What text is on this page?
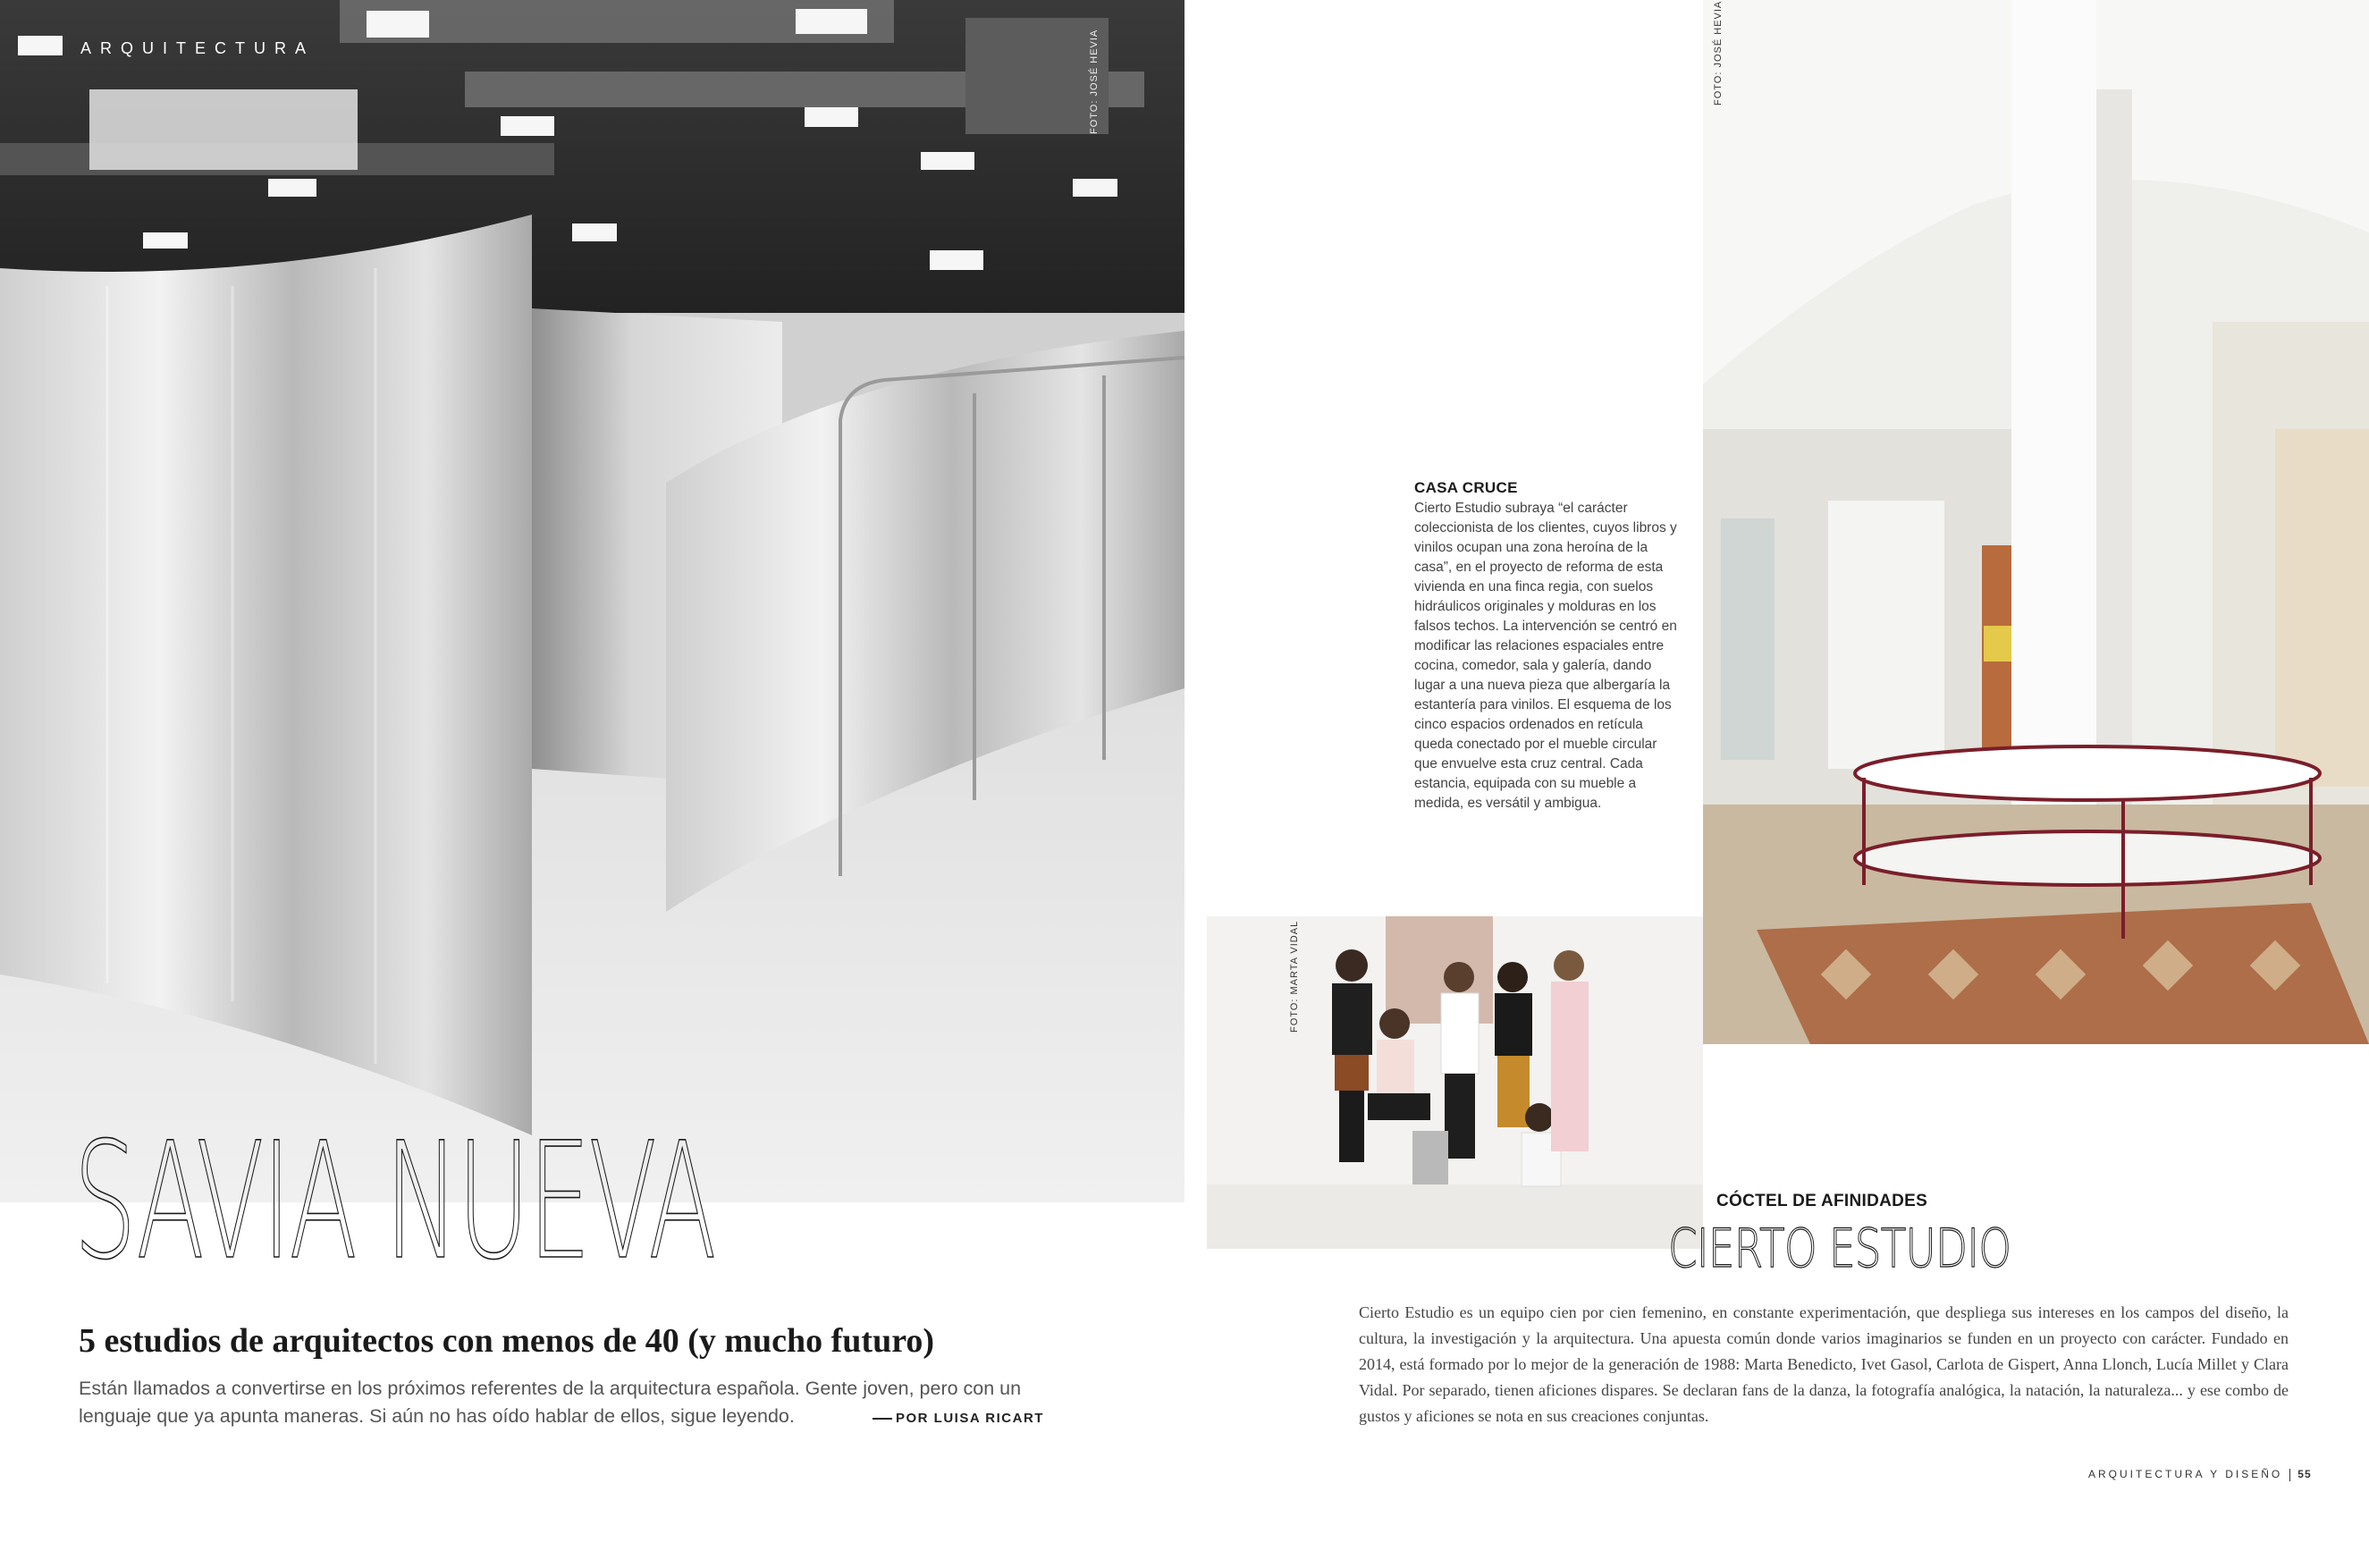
ARQUITECTURA	FOTO: JOSÉ HEVIA	FOTO: JOSÉ HEVIA
CASA CRUCE

Cierto Estudio subraya “el carácter coleccionista de los clientes, cuyos libros y vinilos ocupan una zona heroína de la casa”, en el proyecto de reforma de esta vivienda en una finca regia, con suelos hidráulicos originales y molduras en los falsos techos. La intervención se centró en modificar las relaciones espaciales entre cocina, comedor, sala y galería, dando lugar a una nueva pieza que albergaría la estantería para vinilos. El esquema de los cinco espacios ordenados en retícula queda conectado por el mueble circular que envuelve esta cruz central. Cada estancia, equipada con su mueble a medida, es versátil y ambigua.

FOTO: MARTA VIDAL
SAVIA NUEVA
5 estudios de arquitectos con menos de 40 (y mucho futuro)

Están llamados a convertirse en los próximos referentes de la arquitectura española. Gente joven, pero con un lenguaje que ya apunta maneras. Si aún no has oído hablar de ellos, sigue leyendo.	POR LUISA RICART
CÓCTEL DE AFINIDADES
CIERTO ESTUDIO

Cierto Estudio es un equipo cien por cien femenino, en constante experimentación, que despliega sus intereses en los campos del diseño, la cultura, la investigación y la arquitectura. Una apuesta común donde varios imaginarios se funden en un proyecto con carácter. Fundado en 2014, está formado por lo mejor de la generación de 1988: Marta Benedicto, Ivet Gasol, Carlota de Gispert, Anna Llonch, Lucía Millet y Clara Vidal. Por separado, tienen aficiones dispares. Se declaran fans de la danza, la fotografía analógica, la natación, la naturaleza... y ese combo de gustos y aficiones se nota en sus creaciones conjuntas.

ARQUITECTURA Y DISEÑO 55
